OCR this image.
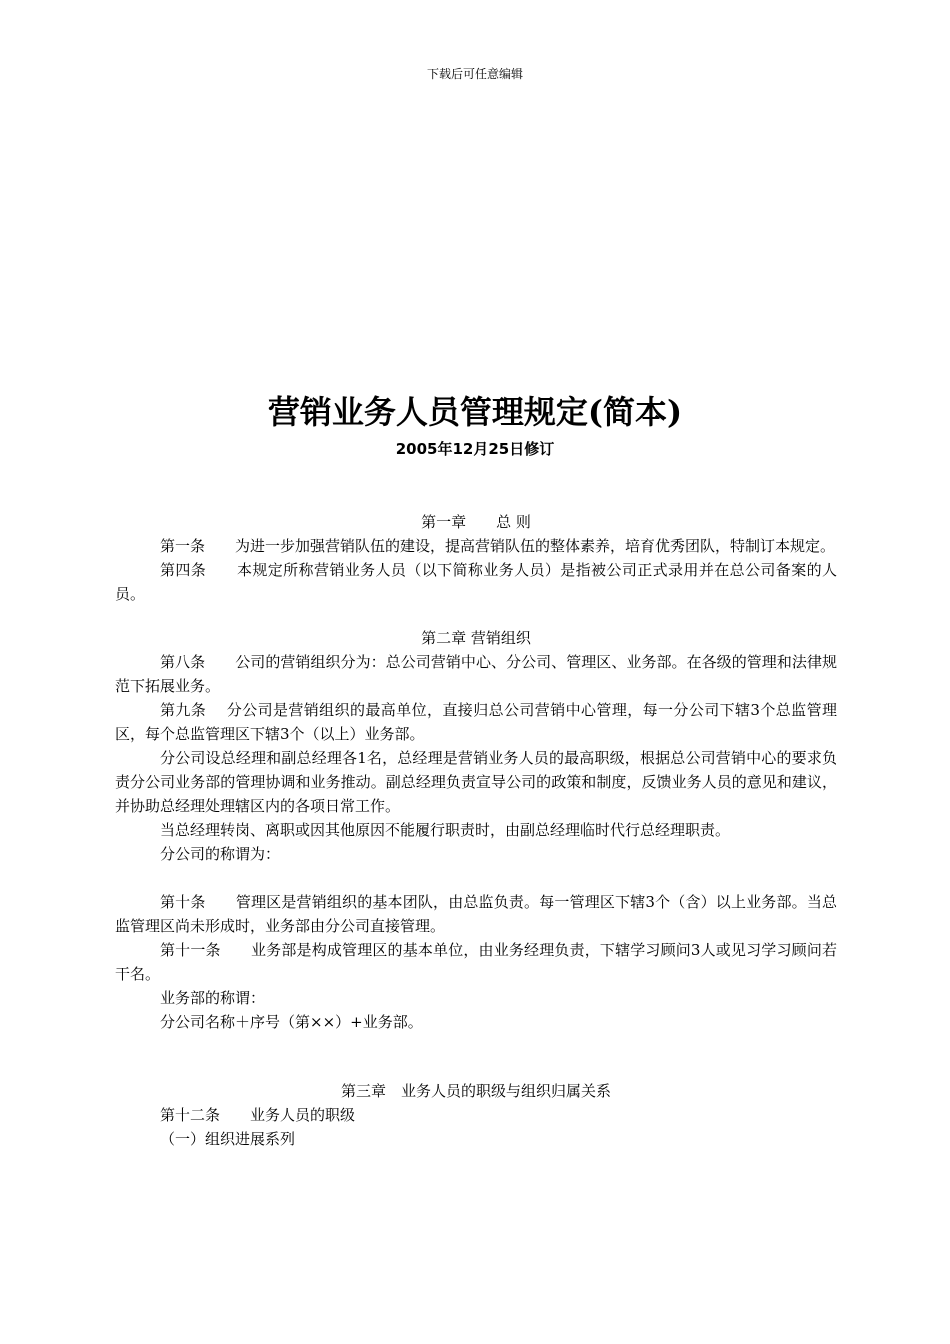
下载后可任意编辑
营销业务人员管理规定(简本)
2005年12月25日修订

第一章　　总 则

第一条　　为进一步加强营销队伍的建设，提高营销队伍的整体素养，培育优秀团队，特制订本规定。

第四条　　本规定所称营销业务人员（以下简称业务人员）是指被公司正式录用并在总公司备案的人员。

第二章 营销组织

第八条　　公司的营销组织分为：总公司营销中心、分公司、管理区、业务部。在各级的管理和法律规范下拓展业务。

第九条　 分公司是营销组织的最高单位，直接归总公司营销中心管理，每一分公司下辖3个总监管理区，每个总监管理区下辖3个（以上）业务部。

分公司设总经理和副总经理各1名，总经理是营销业务人员的最高职级，根据总公司营销中心的要求负责分公司业务部的管理协调和业务推动。副总经理负责宣导公司的政策和制度，反馈业务人员的意见和建议，并协助总经理处理辖区内的各项日常工作。

当总经理转岗、离职或因其他原因不能履行职责时，由副总经理临时代行总经理职责。

分公司的称谓为：

第十条　　管理区是营销组织的基本团队，由总监负责。每一管理区下辖3个（含）以上业务部。当总监管理区尚未形成时，业务部由分公司直接管理。

第十一条　　业务部是构成管理区的基本单位，由业务经理负责，下辖学习顾问3人或见习学习顾问若干名。

业务部的称谓：

分公司名称＋序号（第××）+业务部。

第三章　业务人员的职级与组织归属关系

第十二条　　业务人员的职级

（一）组织进展系列
